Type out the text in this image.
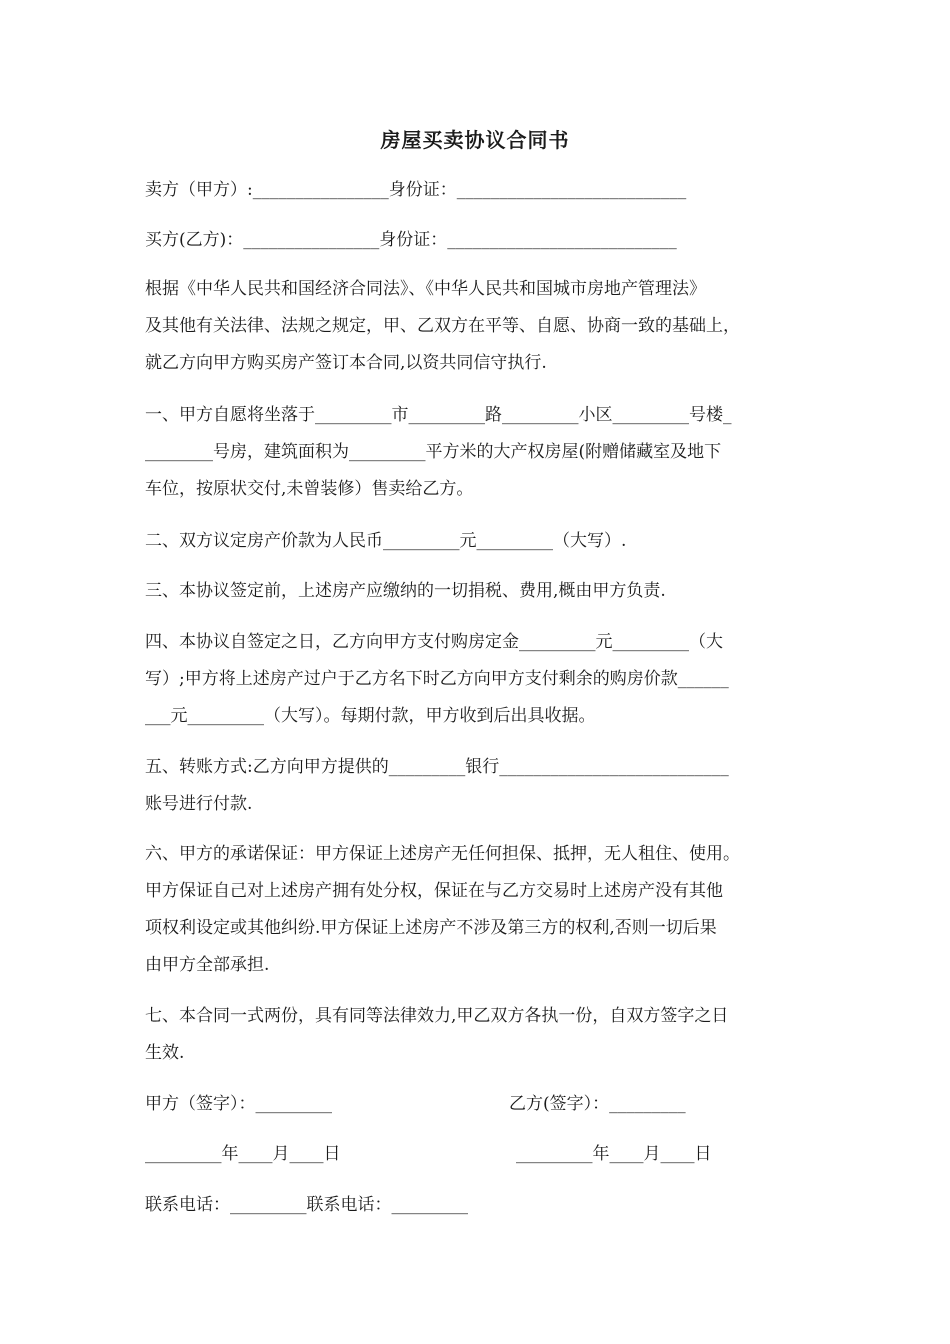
房屋买卖协议合同书
卖方（甲方）:________________身份证：___________________________
买方(乙方)：________________身份证：___________________________
根据《中华人民共和国经济合同法》、《中华人民共和国城市房地产管理法》
及其他有关法律、法规之规定，甲、乙双方在平等、自愿、协商一致的基础上，
就乙方向甲方购买房产签订本合同,以资共同信守执行.
一、甲方自愿将坐落于_________市_________路_________小区_________号楼_
________号房，建筑面积为_________平方米的大产权房屋(附赠储藏室及地下
车位，按原状交付,未曾装修）售卖给乙方。
二、双方议定房产价款为人民币_________元_________（大写）.
三、本协议签定前，上述房产应缴纳的一切捐税、费用,概由甲方负责.
四、本协议自签定之日，乙方向甲方支付购房定金_________元_________（大
写）;甲方将上述房产过户于乙方名下时乙方向甲方支付剩余的购房价款______
___元_________（大写）。每期付款，甲方收到后出具收据。
五、转账方式:乙方向甲方提供的_________银行___________________________
账号进行付款.
六、甲方的承诺保证：甲方保证上述房产无任何担保、抵押，无人租住、使用。
甲方保证自己对上述房产拥有处分权，保证在与乙方交易时上述房产没有其他
项权利设定或其他纠纷.甲方保证上述房产不涉及第三方的权利,否则一切后果
由甲方全部承担.
七、本合同一式两份，具有同等法律效力,甲乙双方各执一份，自双方签字之日
生效.
甲方（签字）：_________	乙方(签字）：_________
_________年____月____日	_________年____月____日
联系电话：_________联系电话：_________
